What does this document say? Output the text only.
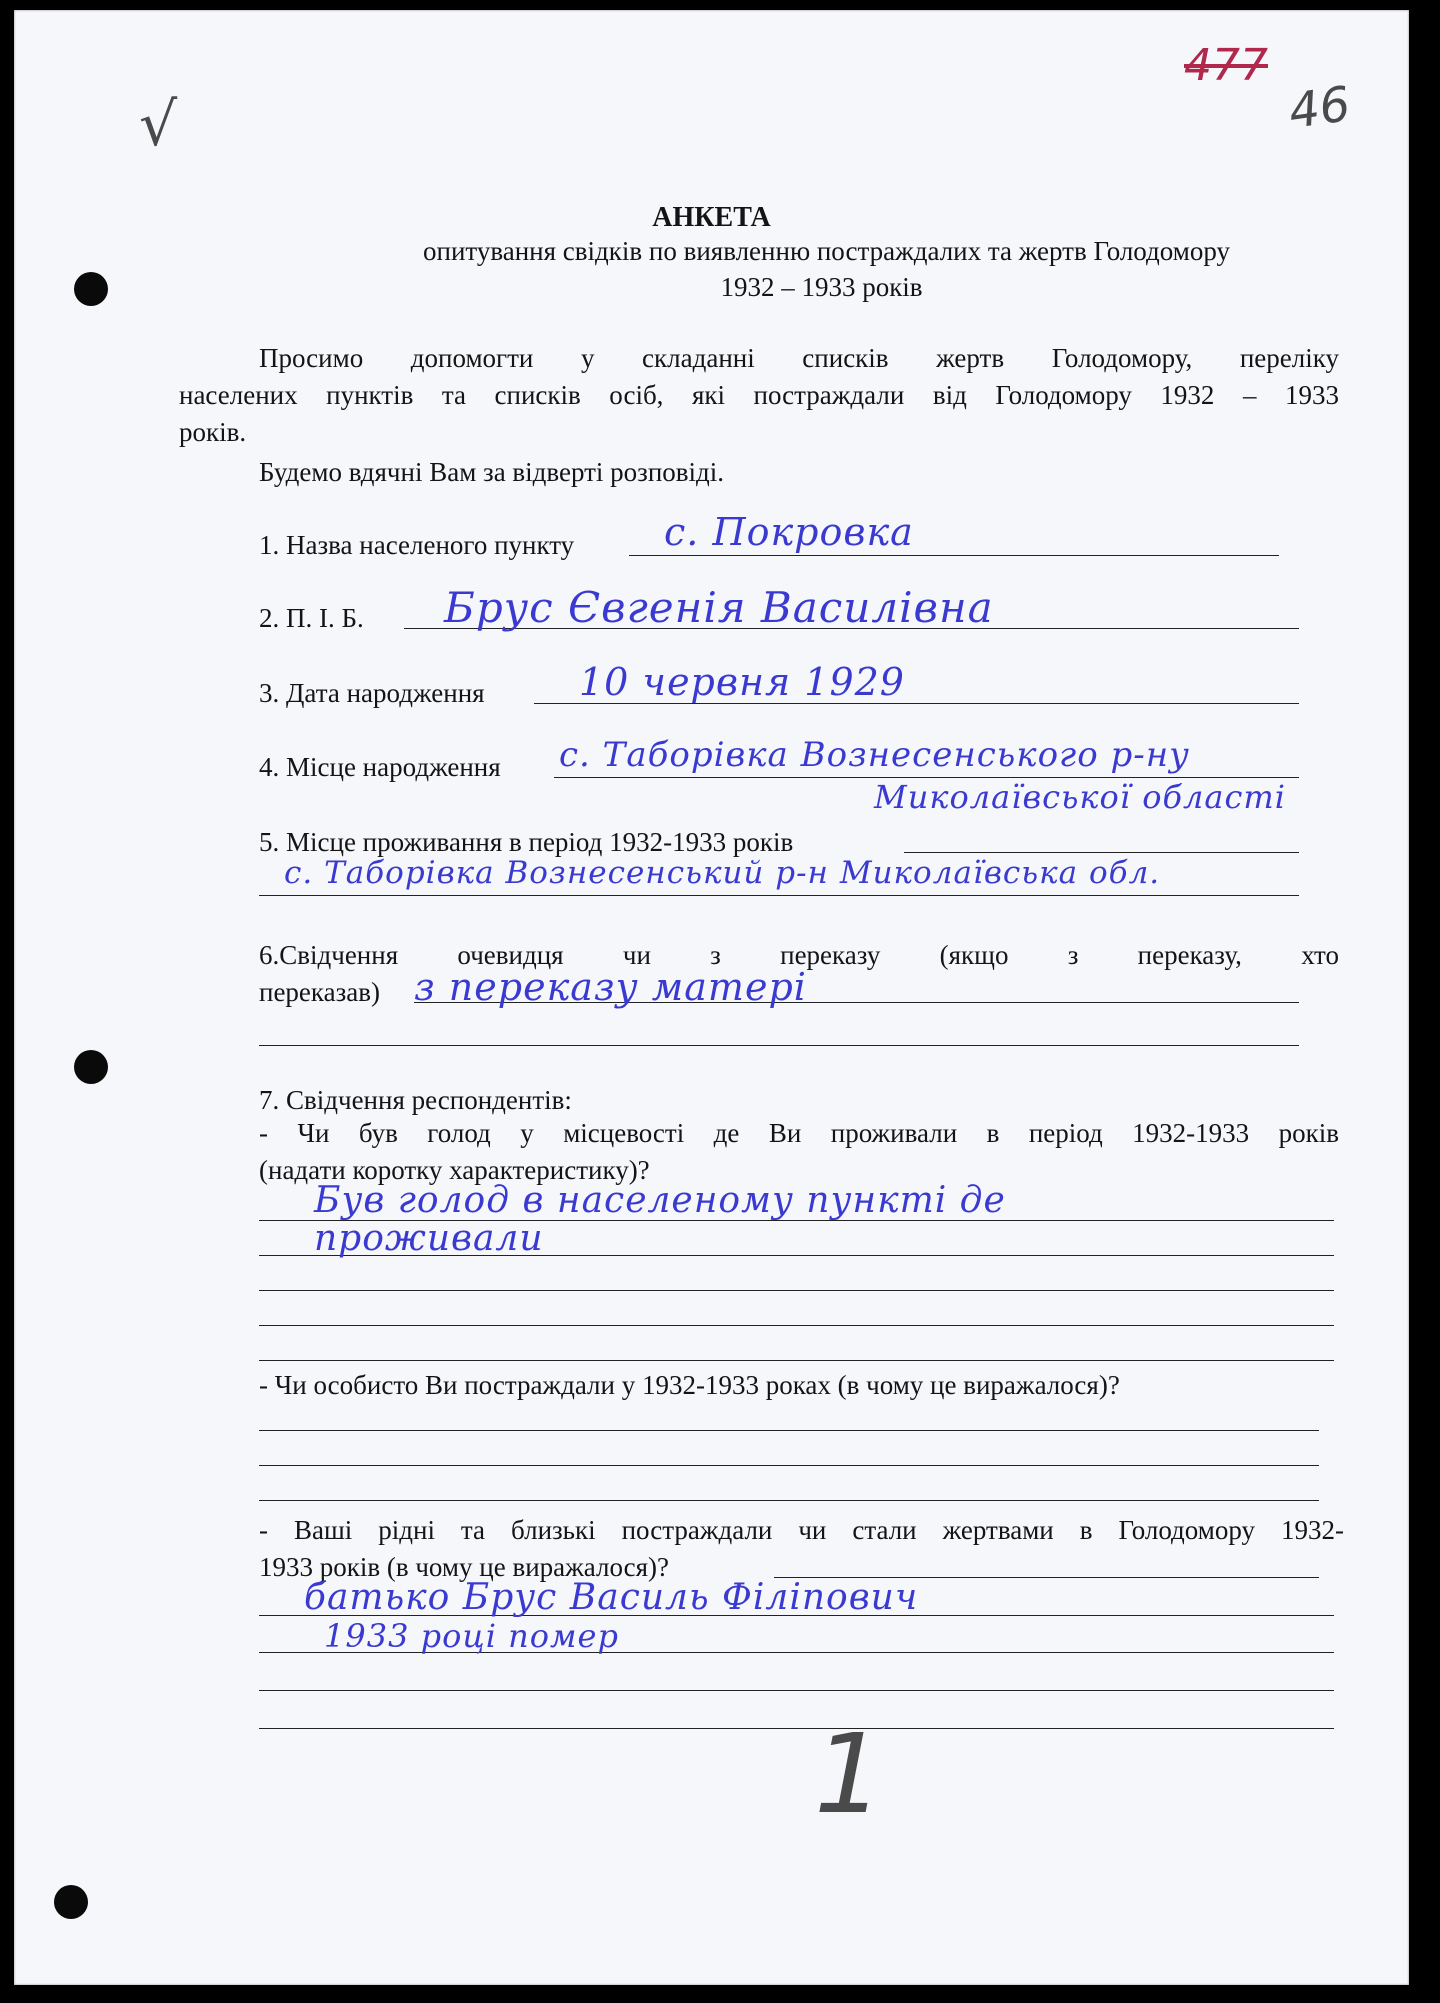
√
477
46
АНКЕТА
опитування свідків по виявленню постраждалих та жертв Голодомору
1932 – 1933 років
Просимо допомогти у складанні списків жертв Голодомору, переліку
населених пунктів та списків осіб, які постраждали від Голодомору 1932 – 1933
років.
Будемо вдячні Вам за відверті розповіді.
1. Назва населеного пункту с. Покровка
2. П. І. Б. Брус Євгенія Василівна
3. Дата народження 10 червня 1929
4. Місце народження с. Таборівка Вознесенського р-ну
Миколаївської області
5. Місце проживання в період 1932-1933 років
с. Таборівка Вознесенський р-н Миколаївська обл.
6.Свідчення очевидця чи з переказу (якщо з переказу, хто
переказав) з переказу матері
7. Свідчення респондентів:
- Чи був голод у місцевості де Ви проживали в період 1932-1933 років
(надати коротку характеристику)?
Був голод в населеному пункті де
проживали
- Чи особисто Ви постраждали у 1932-1933 роках (в чому це виражалося)?
- Ваші рідні та близькі постраждали чи стали жертвами в Голодомору 1932-
1933 років (в чому це виражалося)?
батько Брус Василь Філіпович
1933 році помер
1
